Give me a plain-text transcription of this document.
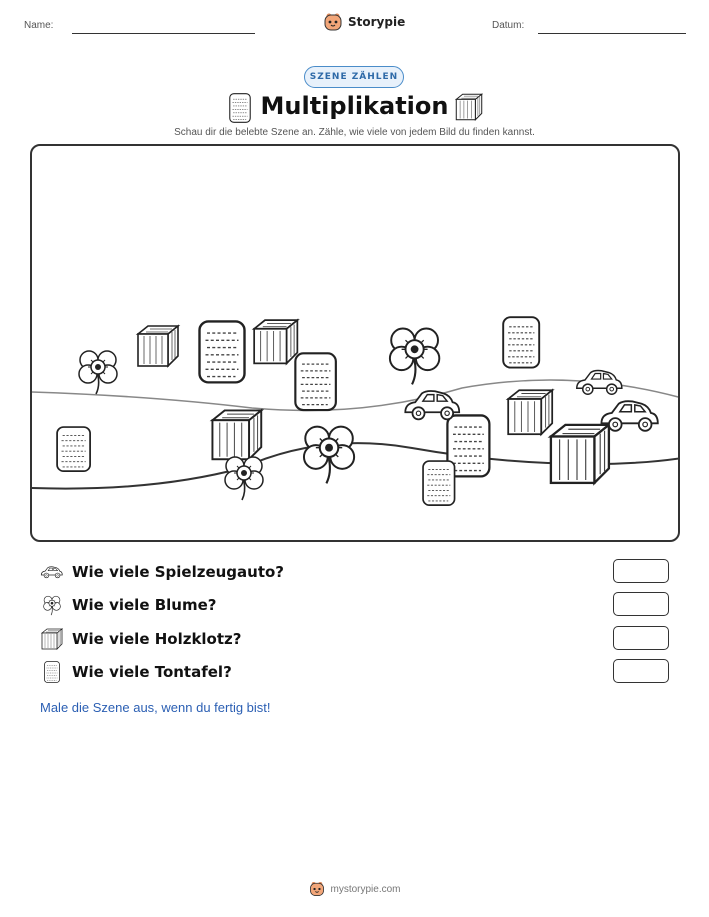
Name:	Storypie	Datum:
SZENE ZÄHLEN
Multiplikation
Schau dir die belebte Szene an. Zähle, wie viele von jedem Bild du finden kannst.
Wie viele Spielzeugauto?
Wie viele Blume?
Wie viele Holzklotz?
Wie viele Tontafel?
Male die Szene aus, wenn du fertig bist!
mystorypie.com
